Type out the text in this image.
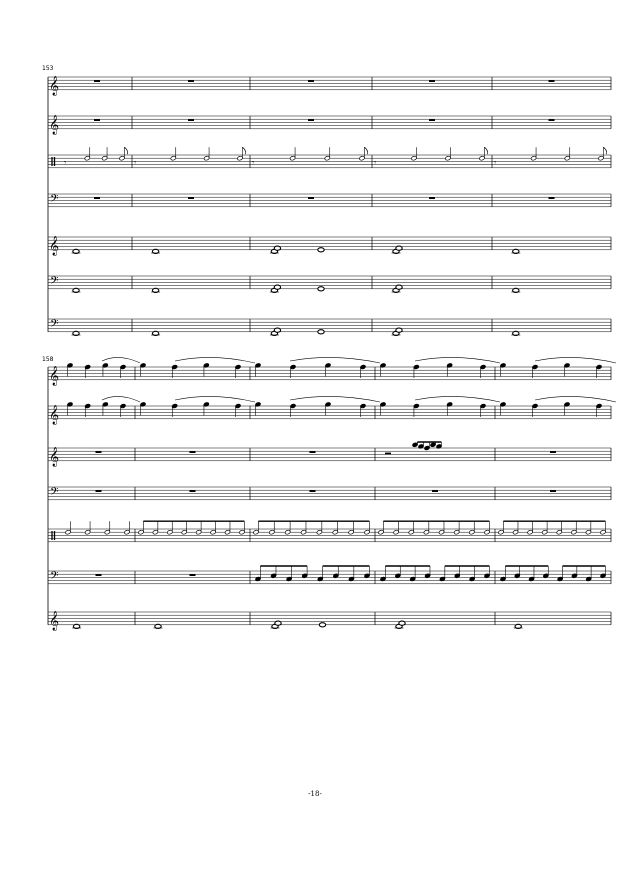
153
158
𝄞
𝄞
𝄾	𝄾	𝄾	𝄾	𝄾
𝄢
𝄞
𝄢
𝄢
𝄞
𝄞
𝄞
𝄢
𝄢
𝄞
-18-
